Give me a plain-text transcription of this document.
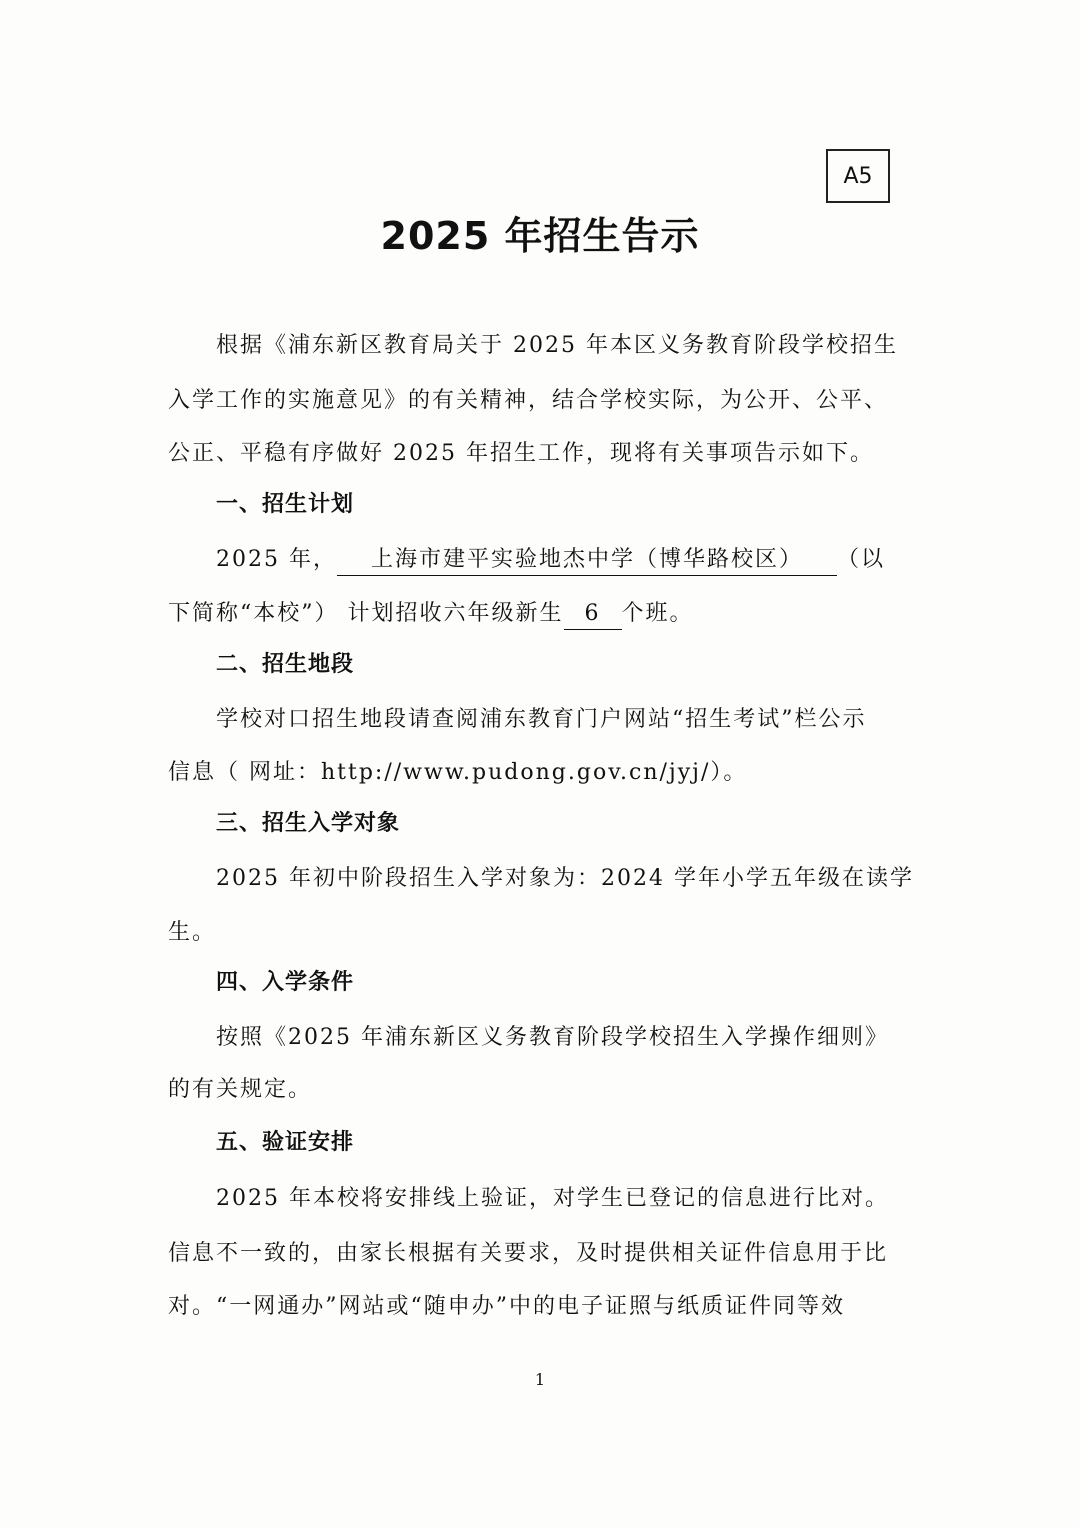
A5
2025 年招生告示
根据《浦东新区教育局关于 2025 年本区义务教育阶段学校招生
入学工作的实施意见》的有关精神，结合学校实际，为公开、公平、
公正、平稳有序做好 2025 年招生工作，现将有关事项告示如下。
一、招生计划
2025 年， 上海市建平实验地杰中学（博华路校区） （以
下简称“本校”） 计划招收六年级新生 6 个班。
二、招生地段
学校对口招生地段请查阅浦东教育门户网站“招生考试”栏公示
信息（ 网址：http://www.pudong.gov.cn/jyj/）。
三、招生入学对象
2025 年初中阶段招生入学对象为：2024 学年小学五年级在读学
生。
四、入学条件
按照《2025 年浦东新区义务教育阶段学校招生入学操作细则》
的有关规定。
五、验证安排
2025 年本校将安排线上验证，对学生已登记的信息进行比对。
信息不一致的，由家长根据有关要求，及时提供相关证件信息用于比
对。“一网通办”网站或“随申办”中的电子证照与纸质证件同等效
1
